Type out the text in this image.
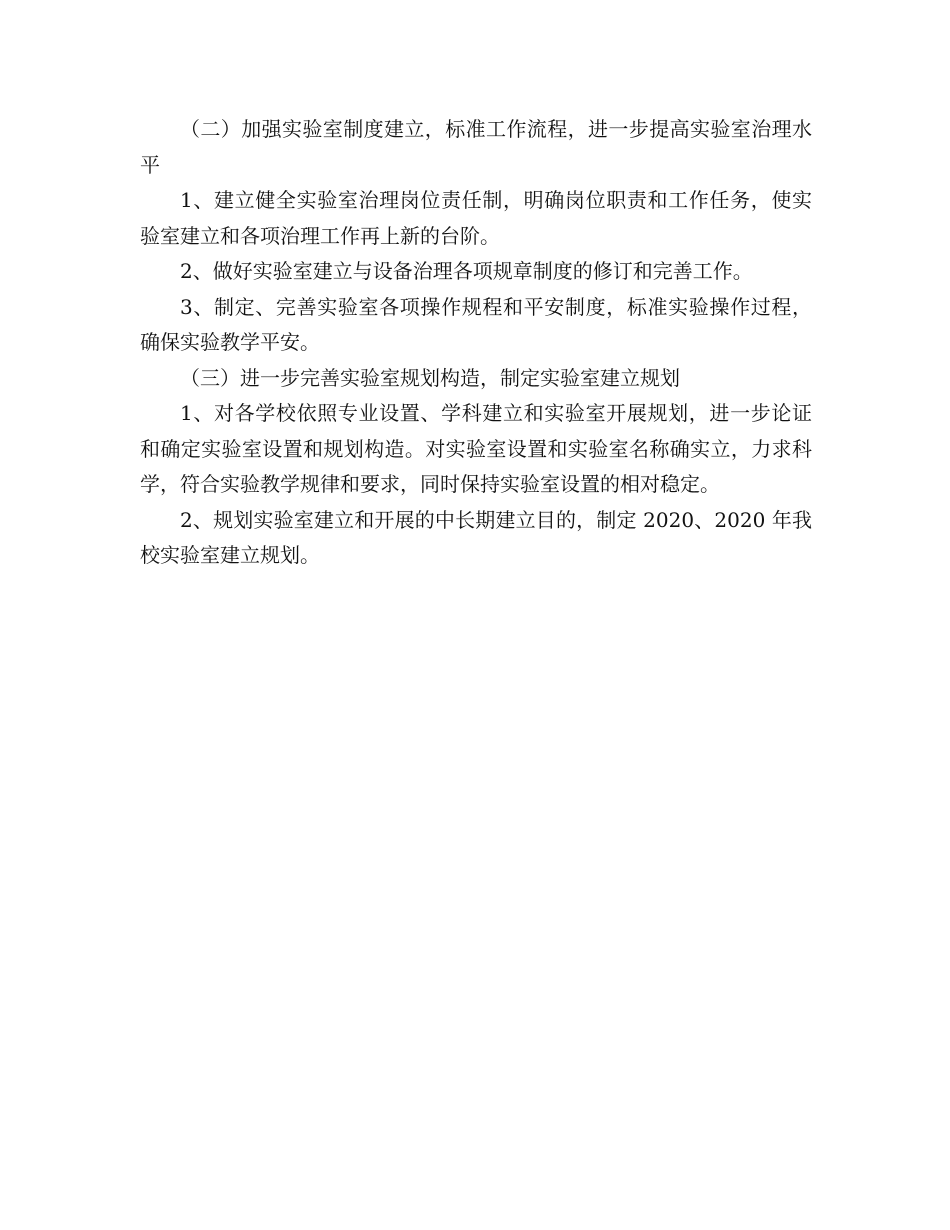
（二）加强实验室制度建立，标准工作流程，进一步提高实验室治理水平

1、建立健全实验室治理岗位责任制，明确岗位职责和工作任务，使实验室建立和各项治理工作再上新的台阶。

2、做好实验室建立与设备治理各项规章制度的修订和完善工作。

3、制定、完善实验室各项操作规程和平安制度，标准实验操作过程，确保实验教学平安。

（三）进一步完善实验室规划构造，制定实验室建立规划

1、对各学校依照专业设置、学科建立和实验室开展规划，进一步论证和确定实验室设置和规划构造。对实验室设置和实验室名称确实立，力求科学，符合实验教学规律和要求，同时保持实验室设置的相对稳定。

2、规划实验室建立和开展的中长期建立目的，制定 2020、2020 年我校实验室建立规划。
